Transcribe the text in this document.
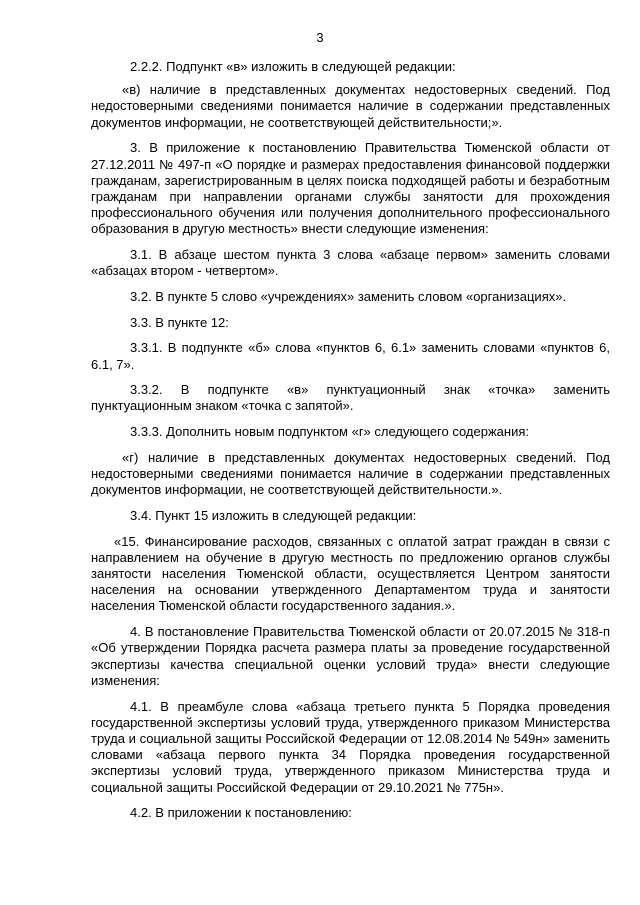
3

2.2.2. Подпункт «в» изложить в следующей редакции:

«в) наличие в представленных документах недостоверных сведений. Под недостоверными сведениями понимается наличие в содержании представленных документов информации, не соответствующей действительности;».

3. В приложение к постановлению Правительства Тюменской области от 27.12.2011 № 497-п «О порядке и размерах предоставления финансовой поддержки гражданам, зарегистрированным в целях поиска подходящей работы и безработным гражданам при направлении органами службы занятости для прохождения профессионального обучения или получения дополнительного профессионального образования в другую местность» внести следующие изменения:

3.1. В абзаце шестом пункта 3 слова «абзаце первом» заменить словами «абзацах втором - четвертом».

3.2. В пункте 5 слово «учреждениях» заменить словом «организациях».

3.3. В пункте 12:

3.3.1. В подпункте «б» слова «пунктов 6, 6.1» заменить словами «пунктов 6, 6.1, 7».

3.3.2. В подпункте «в» пунктуационный знак «точка» заменить пунктуационным знаком «точка с запятой».

3.3.3. Дополнить новым подпунктом «г» следующего содержания:

«г) наличие в представленных документах недостоверных сведений. Под недостоверными сведениями понимается наличие в содержании представленных документов информации, не соответствующей действительности.».

3.4. Пункт 15 изложить в следующей редакции:

«15. Финансирование расходов, связанных с оплатой затрат граждан в связи с направлением на обучение в другую местность по предложению органов службы занятости населения Тюменской области, осуществляется Центром занятости населения на основании утвержденного Департаментом труда и занятости населения Тюменской области государственного задания.».

4. В постановление Правительства Тюменской области от 20.07.2015 № 318-п «Об утверждении Порядка расчета размера платы за проведение государственной экспертизы качества специальной оценки условий труда» внести следующие изменения:

4.1. В преамбуле слова «абзаца третьего пункта 5 Порядка проведения государственной экспертизы условий труда, утвержденного приказом Министерства труда и социальной защиты Российской Федерации от 12.08.2014 № 549н» заменить словами «абзаца первого пункта 34 Порядка проведения государственной экспертизы условий труда, утвержденного приказом Министерства труда и социальной защиты Российской Федерации от 29.10.2021 № 775н».

4.2. В приложении к постановлению:
